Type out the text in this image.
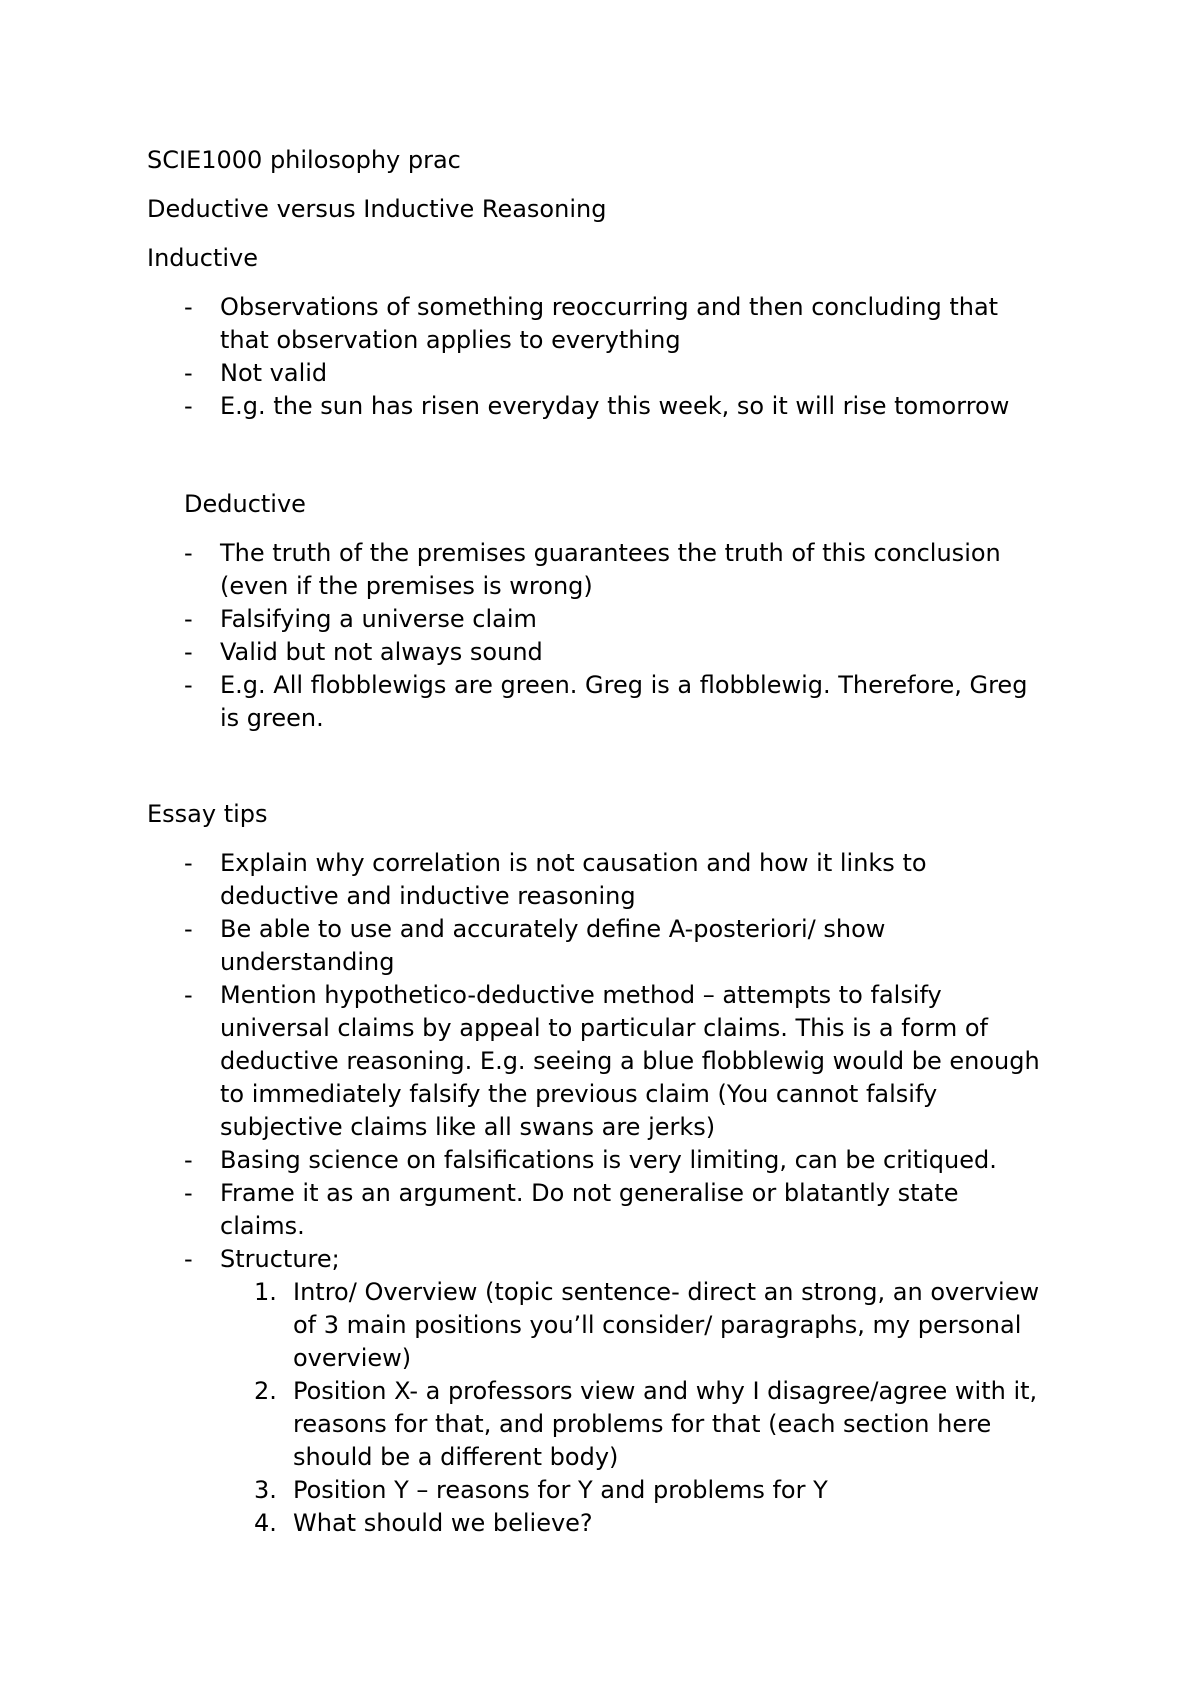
SCIE1000 philosophy prac

Deductive versus Inductive Reasoning

Inductive

- Observations of something reoccurring and then concluding that
that observation applies to everything
- Not valid
- E.g. the sun has risen everyday this week, so it will rise tomorrow

Deductive

- The truth of the premises guarantees the truth of this conclusion
(even if the premises is wrong)
- Falsifying a universe claim
- Valid but not always sound
- E.g. All flobblewigs are green. Greg is a flobblewig. Therefore, Greg
is green.

Essay tips

- Explain why correlation is not causation and how it links to
deductive and inductive reasoning
- Be able to use and accurately define A-posteriori/ show
understanding
- Mention hypothetico-deductive method – attempts to falsify
universal claims by appeal to particular claims. This is a form of
deductive reasoning. E.g. seeing a blue flobblewig would be enough
to immediately falsify the previous claim (You cannot falsify
subjective claims like all swans are jerks)
- Basing science on falsifications is very limiting, can be critiqued.
- Frame it as an argument. Do not generalise or blatantly state
claims.
- Structure;
1. Intro/ Overview (topic sentence- direct an strong, an overview
of 3 main positions you’ll consider/ paragraphs, my personal
overview)
2. Position X- a professors view and why I disagree/agree with it,
reasons for that, and problems for that (each section here
should be a different body)
3. Position Y – reasons for Y and problems for Y
4. What should we believe?
